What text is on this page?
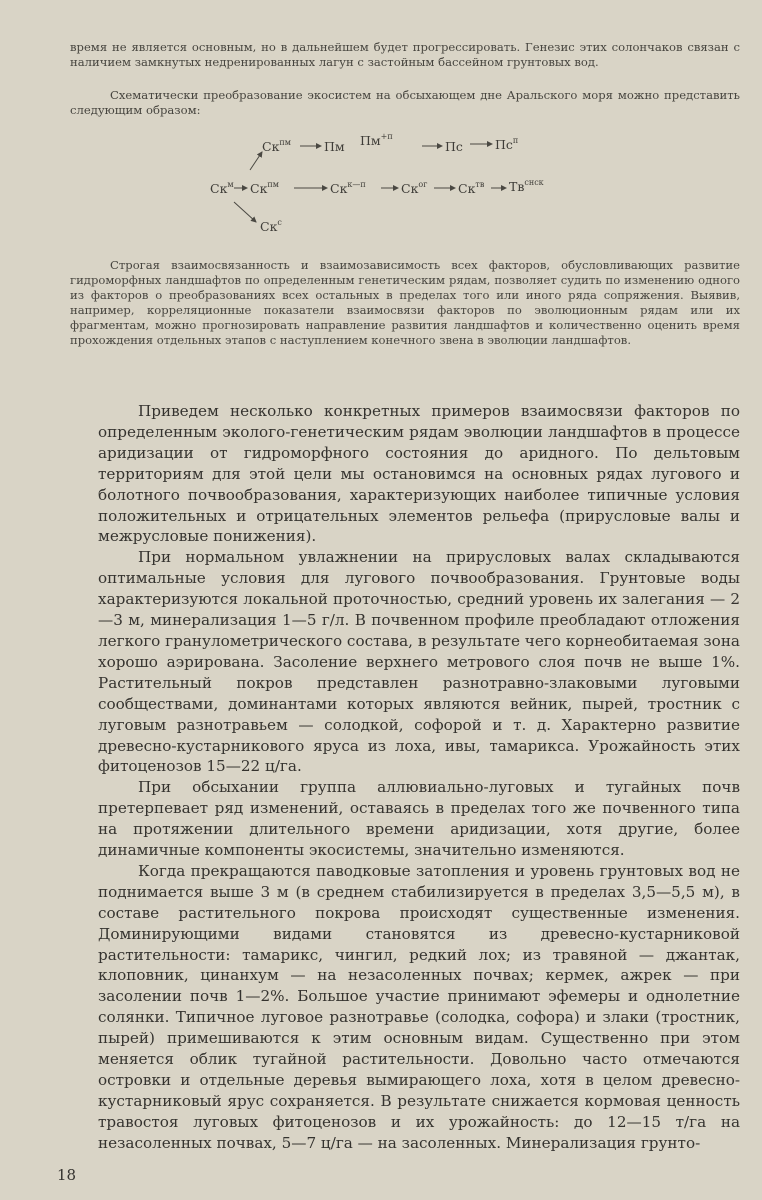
время не является основным, но в дальнейшем будет прогрессировать. Генезис этих солончаков связан с наличием замкнутых недренированных лагун с застойным бассейном грунтовых вод.

Схематически преобразование экосистем на обсыхающем дне Аральского моря можно представить следующим образом:

$Ск^{пм}$	Пм $Пм^{+п}$
Пс	$Пс^п$
$Ск^м$ $Ск^{пм}$	$Ск^{к—п}$	$Ск^{ог}$ $Ск^{тв}$ $Тв^{снск}$
$Ск^с$

Строгая взаимосвязанность и взаимозависимость всех факторов, обусловливающих развитие гидроморфных ландшафтов по определенным генетическим рядам, позволяет судить по изменению одного из факторов о преобразованиях всех остальных в пределах того или иного ряда сопряжения. Выявив, например, корреляционные показатели взаимосвязи факторов по эволюционным рядам или их фрагментам, можно прогнозировать направление развития ландшафтов и количественно оценить время прохождения отдельных этапов с наступлением конечного звена в эволюции ландшафтов.

Приведем несколько конкретных примеров взаимосвязи факторов по определенным эколого-генетическим рядам эволюции ландшафтов в процессе аридизации от гидроморфного состояния до аридного. По дельтовым территориям для этой цели мы остановимся на основных рядах лугового и болотного почвообразования, характеризующих наиболее типичные условия положительных и отрицательных элементов рельефа (прирусловые валы и межрусловые понижения).

При нормальном увлажнении на прирусловых валах складываются оптимальные условия для лугового почвообразования. Грунтовые воды характеризуются локальной проточностью, средний уровень их залегания — 2—3 м, минерализация 1—5 г/л. В почвенном профиле преобладают отложения легкого гранулометрического состава, в результате чего корнеобитаемая зона хорошо аэрирована. Засоление верхнего метрового слоя почв не выше 1%. Растительный покров представлен разнотравно-злаковыми луговыми сообществами, доминантами которых являются вейник, пырей, тростник с луговым разнотравьем — солодкой, софорой и т. д. Характерно развитие древесно-кустарникового яруса из лоха, ивы, тамарикса. Урожайность этих фитоценозов 15—22 ц/га.

При обсыхании группа аллювиально-луговых и тугайных почв претерпевает ряд изменений, оставаясь в пределах того же почвенного типа на протяжении длительного времени аридизации, хотя другие, более динамичные компоненты экосистемы, значительно изменяются.

Когда прекращаются паводковые затопления и уровень грунтовых вод не поднимается выше 3 м (в среднем стабилизируется в пределах 3,5—5,5 м), в составе растительного покрова происходят существенные изменения. Доминирующими видами становятся из древесно-кустарниковой растительности: тамарикс, чингил, редкий лох; из травяной — джантак, клоповник, цинанхум — на незасоленных почвах; кермек, ажрек — при засолении почв 1—2%. Большое участие принимают эфемеры и однолетние солянки. Типичное луговое разнотравье (солодка, софора) и злаки (тростник, пырей) примешиваются к этим основным видам. Существенно при этом меняется облик тугайной растительности. Довольно часто отмечаются островки и отдельные деревья вымирающего лоха, хотя в целом древесно-кустарниковый ярус сохраняется. В результате снижается кормовая ценность травостоя луговых фитоценозов и их урожайность: до 12—15 т/га на незасоленных почвах, 5—7 ц/га — на засоленных. Минерализация грунто-

18
